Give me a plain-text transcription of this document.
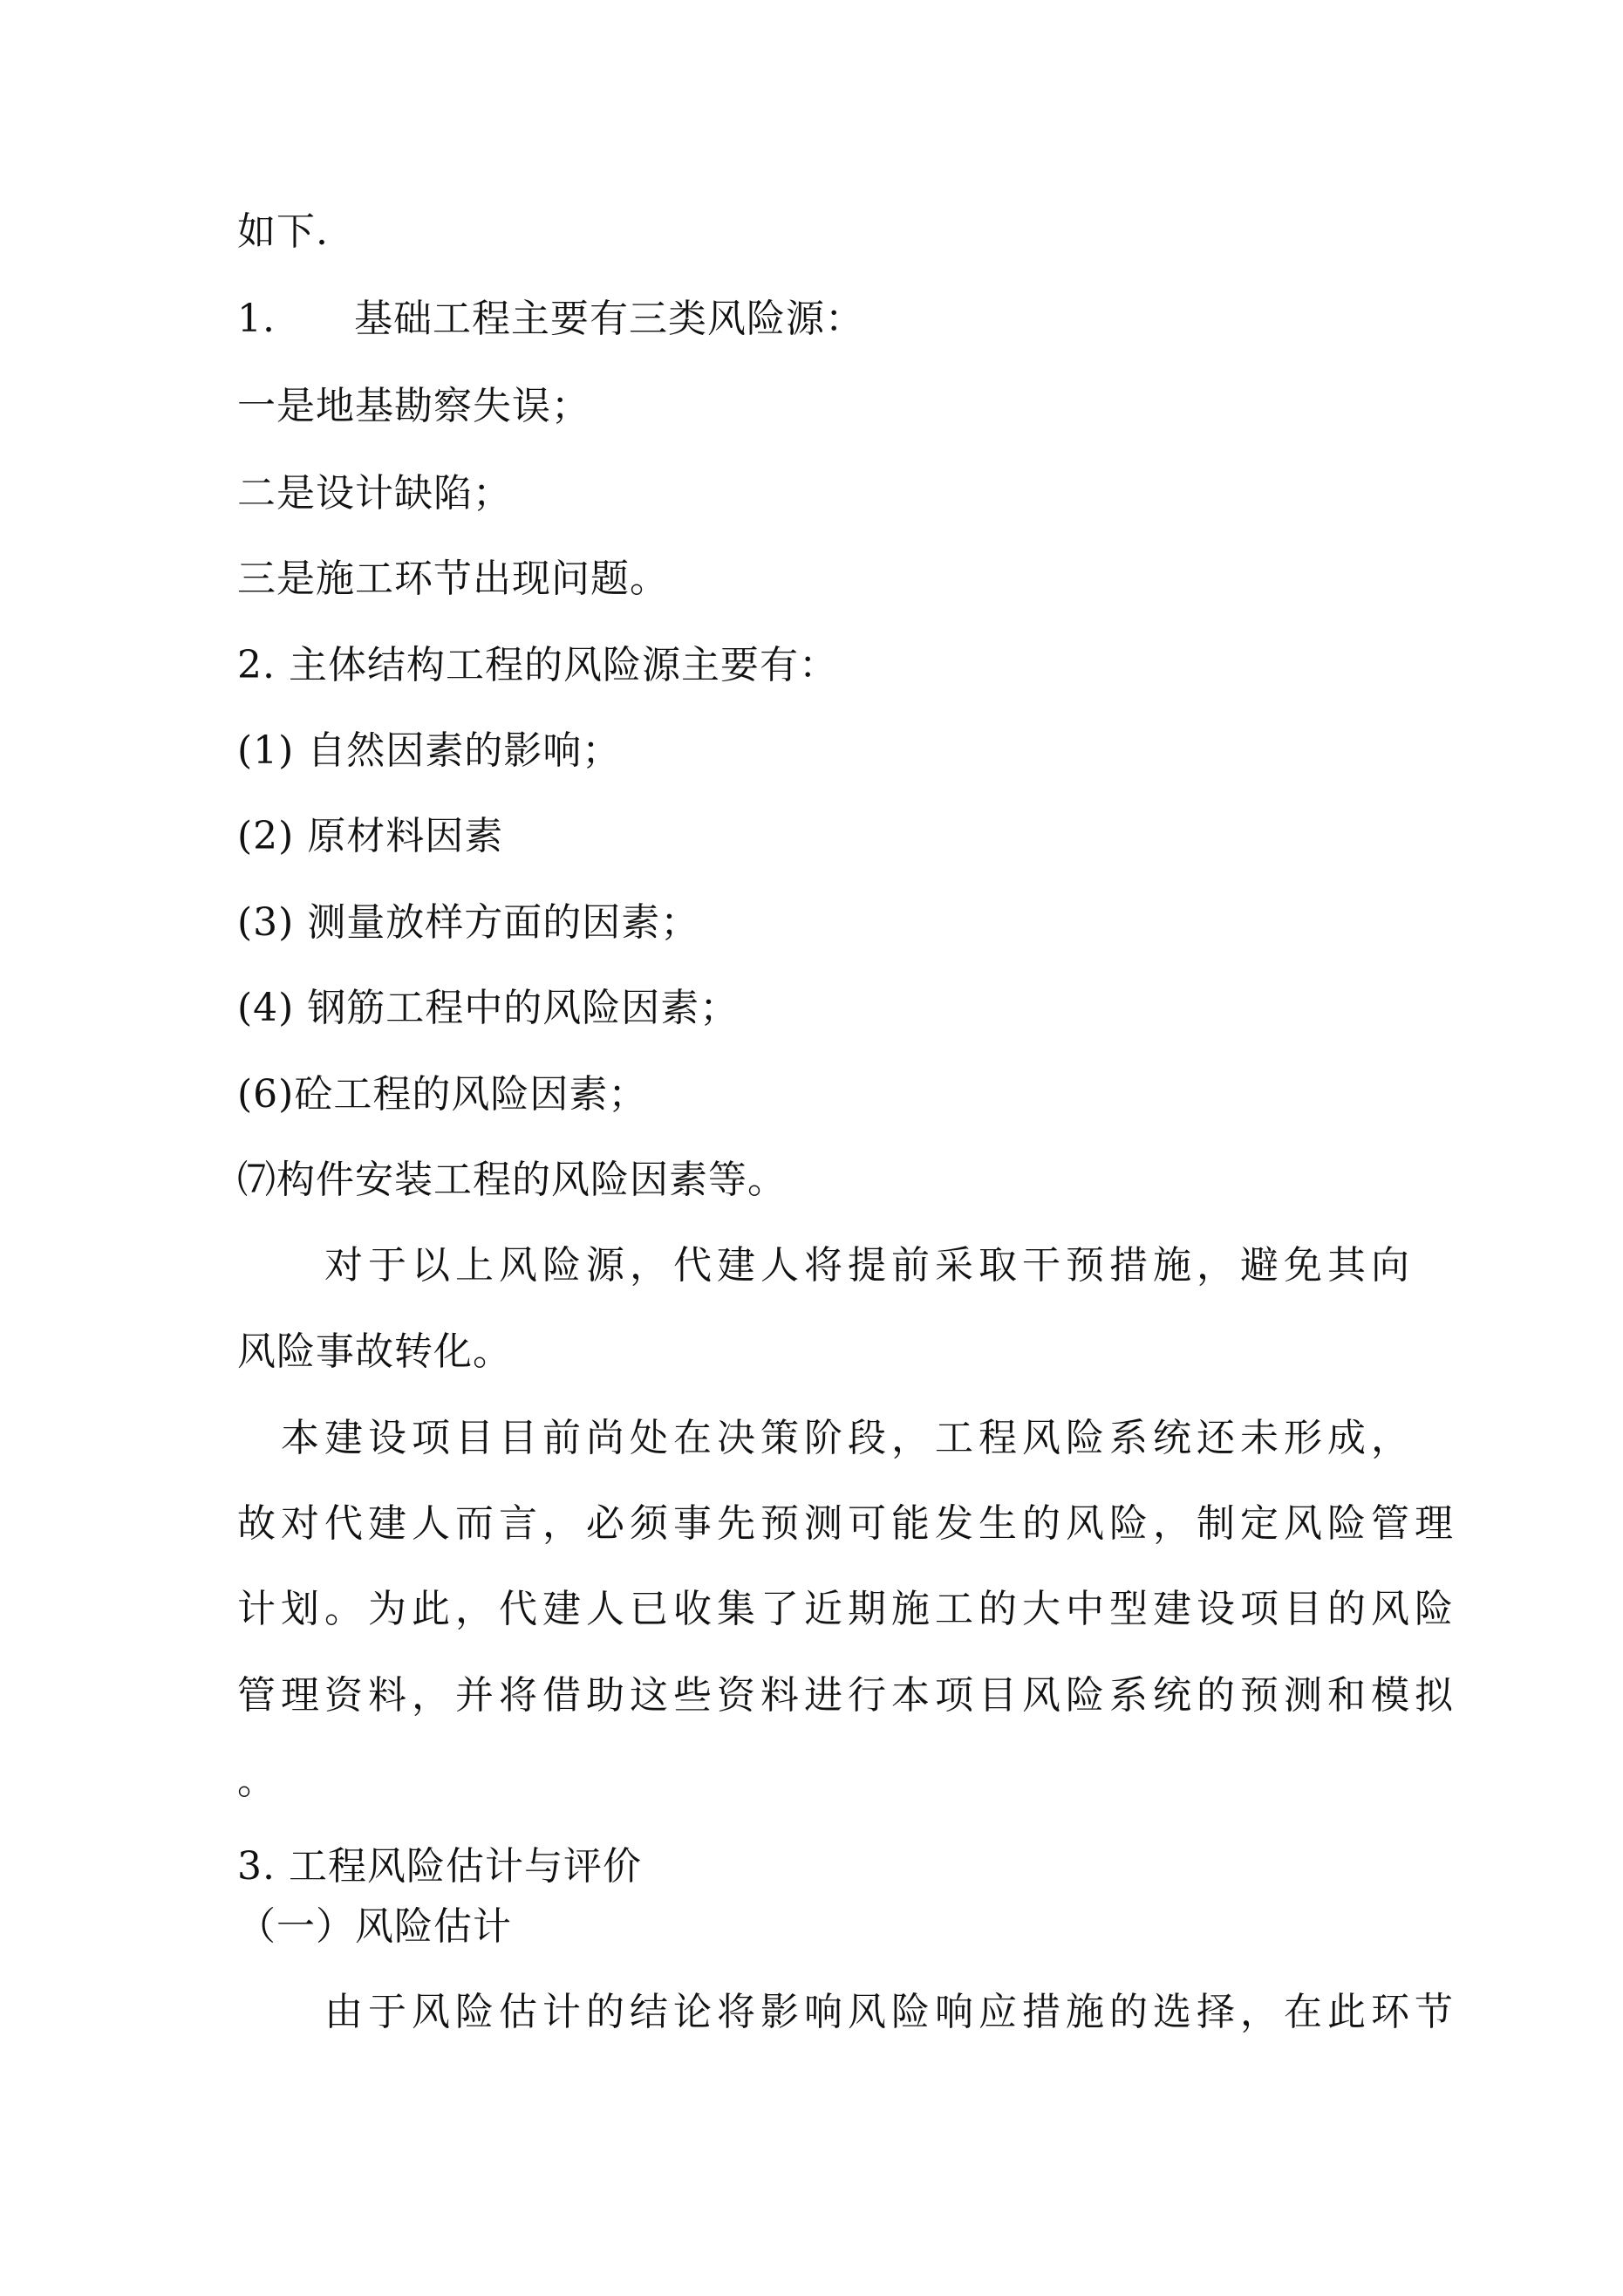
如下.
1.　　基础工程主要有三类风险源：
一是地基勘察失误；
二是设计缺陷；
三是施工环节出现问题。
2. 主体结构工程的风险源主要有：
(1) 自然因素的影响；
(2) 原材料因素
(3) 测量放样方面的因素；
(4) 钢筋工程中的风险因素；
(6)砼工程的风险因素；
⑺构件安装工程的风险因素等。
　　对于以上风险源，代建人将提前采取干预措施，避免其向
风险事故转化。
　本建设项目目前尚处在决策阶段，工程风险系统还未形成，
故对代建人而言，必须事先预测可能发生的风险，制定风险管理
计划。为此，代建人已收集了近期施工的大中型建设项目的风险
管理资料，并将借助这些资料进行本项目风险系统的预测和模拟
。
3. 工程风险估计与评价
（一）风险估计
　　由于风险估计的结论将影响风险响应措施的选择，在此环节
